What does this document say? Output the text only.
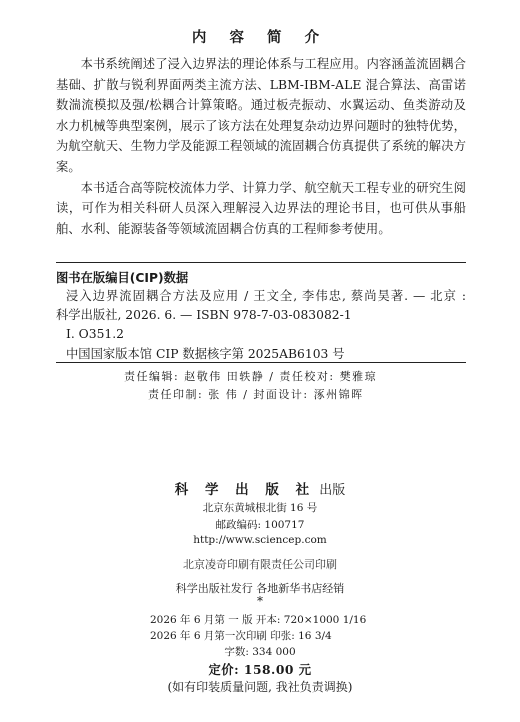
内 容 简 介

本书系统阐述了浸入边界法的理论体系与工程应用。内容涵盖流固耦合基础、扩散与锐利界面两类主流方法、LBM-IBM-ALE 混合算法、高雷诺数湍流模拟及强/松耦合计算策略。通过板壳振动、水翼运动、鱼类游动及水力机械等典型案例，展示了该方法在处理复杂动边界问题时的独特优势，为航空航天、生物力学及能源工程领域的流固耦合仿真提供了系统的解决方案。

本书适合高等院校流体力学、计算力学、航空航天工程专业的研究生阅读，可作为相关科研人员深入理解浸入边界法的理论书目，也可供从事船舶、水利、能源装备等领域流固耦合仿真的工程师参考使用。

图书在版编目(CIP)数据
浸入边界流固耦合方法及应用 / 王文全, 李伟忠, 蔡尚昊著. — 北京 :
科学出版社, 2026. 6. — ISBN 978-7-03-083082-1
I. O351.2
中国国家版本馆 CIP 数据核字第 2025AB6103 号
责任编辑: 赵敬伟 田轶静 / 责任校对: 樊雅琼
责任印制: 张 伟 / 封面设计: 涿州锦晖
科 学 出 版 社 出版
北京东黄城根北街 16 号
邮政编码: 100717
http://www.sciencep.com
北京凌奇印刷有限责任公司印刷
科学出版社发行 各地新华书店经销
*
2026 年 6 月第 一 版 开本: 720×1000 1/16
2026 年 6 月第一次印刷 印张: 16 3/4
字数: 334 000
定价: 158.00 元
(如有印装质量问题, 我社负责调换)
